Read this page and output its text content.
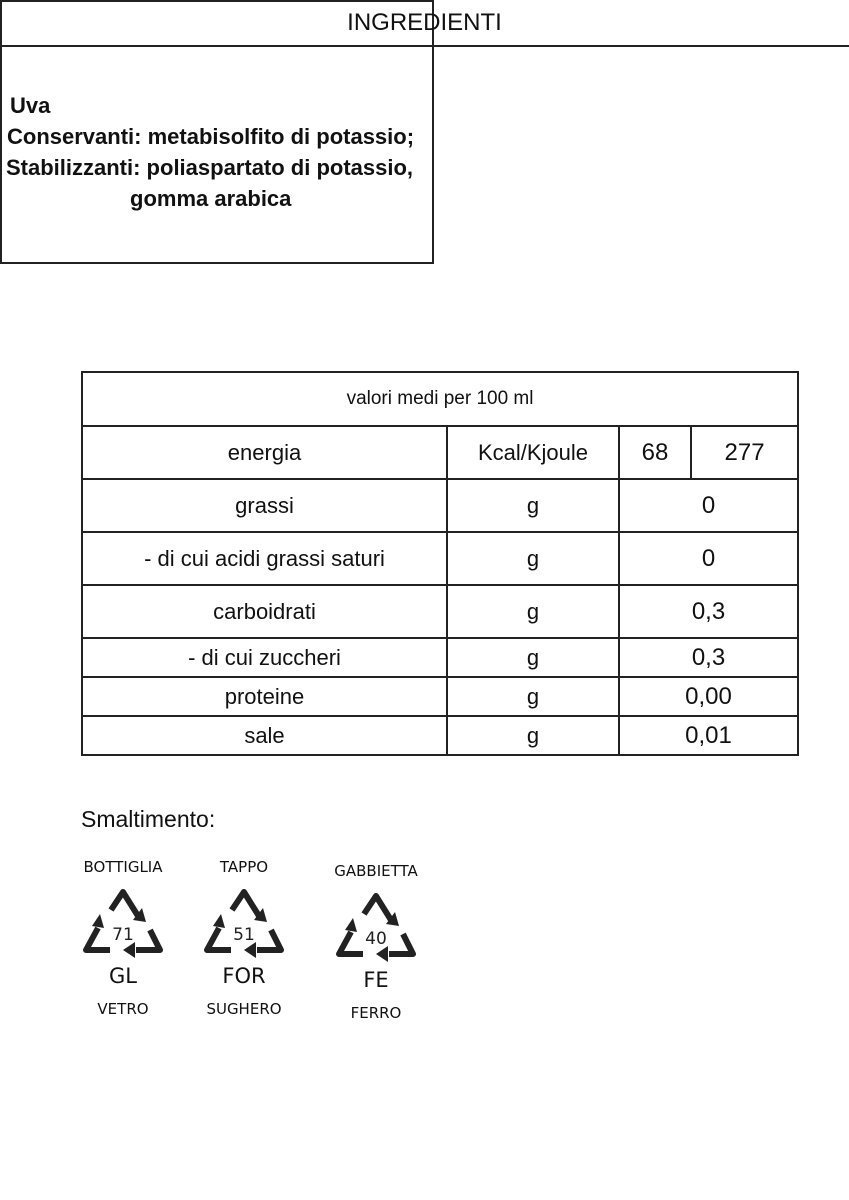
INGREDIENTI
Uva
Conservanti: metabisolfito di potassio;
Stabilizzanti: poliaspartato di potassio,
gomma arabica
valori medi per 100 ml			
energia	Kcal/Kjoule	68	277
grassi	g	0	
- di cui acidi grassi saturi	g	0	
carboidrati	g	0,3	
- di cui zuccheri	g	0,3	
proteine	g	0,00	
sale	g	0,01	
Smaltimento:
BOTTIGLIA
71
GL
VETRO
TAPPO
51
FOR
SUGHERO
GABBIETTA
40
FE
FERRO
